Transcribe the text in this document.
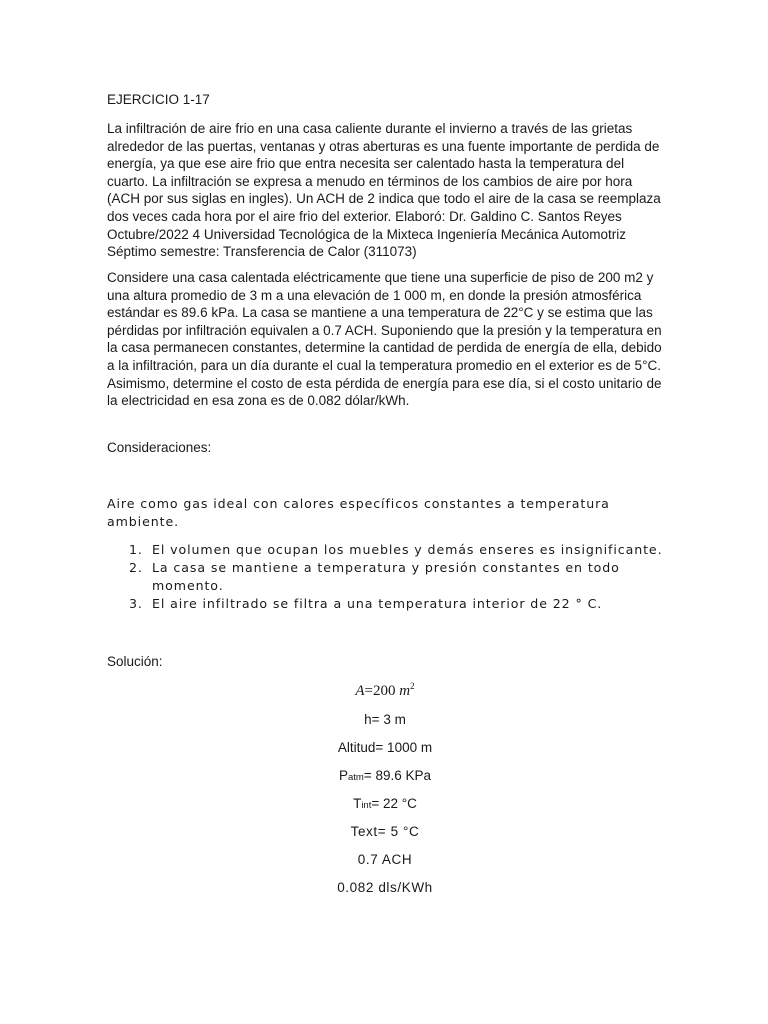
EJERCICIO 1-17

La infiltración de aire frio en una casa caliente durante el invierno a través de las grietas alrededor de las puertas, ventanas y otras aberturas es una fuente importante de perdida de energía, ya que ese aire frio que entra necesita ser calentado hasta la temperatura del cuarto. La infiltración se expresa a menudo en términos de los cambios de aire por hora (ACH por sus siglas en ingles). Un ACH de 2 indica que todo el aire de la casa se reemplaza dos veces cada hora por el aire frio del exterior. Elaboró: Dr. Galdino C. Santos Reyes Octubre/2022 4 Universidad Tecnológica de la Mixteca Ingeniería Mecánica Automotriz Séptimo semestre: Transferencia de Calor (311073)

Considere una casa calentada eléctricamente que tiene una superficie de piso de 200 m2 y una altura promedio de 3 m a una elevación de 1 000 m, en donde la presión atmosférica estándar es 89.6 kPa. La casa se mantiene a una temperatura de 22°C y se estima que las pérdidas por infiltración equivalen a 0.7 ACH. Suponiendo que la presión y la temperatura en la casa permanecen constantes, determine la cantidad de perdida de energía de ella, debido a la infiltración, para un día durante el cual la temperatura promedio en el exterior es de 5°C. Asimismo, determine el costo de esta pérdida de energía para ese día, si el costo unitario de la electricidad en esa zona es de 0.082 dólar/kWh.

Consideraciones:

Aire como gas ideal con calores específicos constantes a temperatura ambiente.

1. El volumen que ocupan los muebles y demás enseres es insignificante.
2. La casa se mantiene a temperatura y presión constantes en todo momento.
3. El aire infiltrado se filtra a una temperatura interior de 22 ° C.
Solución:
A=200 $m^2$
h= 3 m
Altitud= 1000 m
Patm= 89.6 KPa
Tint= 22 °C
Text= 5 °C
0.7 ACH
0.082 dls/KWh
